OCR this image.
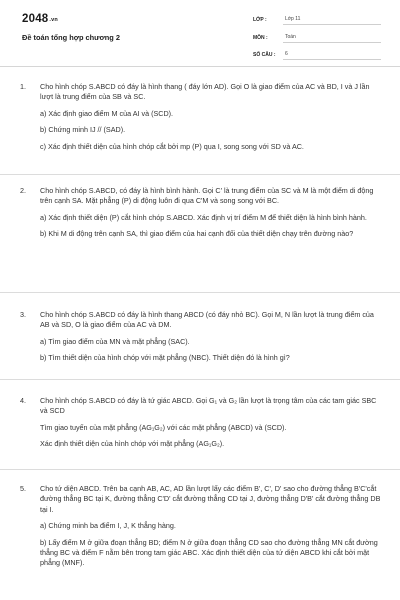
2048.vn
Đề toán tổng hợp chương 2
LỚP :	Lớp 11
MÔN :	Toán
SỐ CÂU :	6
1. Cho hình chóp S.ABCD có đáy là hình thang ( đáy lớn AD). Gọi O là giao điểm của AC và BD, I và J lần lượt là trung điểm của SB và SC.

a) Xác định giao điểm M của AI và (SCD).

b) Chứng minh IJ // (SAD).

c) Xác định thiết diện của hình chóp cắt bởi mp (P) qua I, song song với SD và AC.

2. Cho hình chóp S.ABCD, có đáy là hình bình hành. Gọi C' là trung điểm của SC và M là một điểm di động trên cạnh SA. Mặt phẳng (P) di động luôn đi qua C'M và song song với BC.

a) Xác định thiết diện (P) cắt hình chóp S.ABCD. Xác định vị trí điểm M để thiết diện là hình bình hành.

b) Khi M di động trên cạnh SA, thì giao điểm của hai cạnh đối của thiết diện chạy trên đường nào?

3. Cho hình chóp S.ABCD có đáy là hình thang ABCD (có đáy nhỏ BC). Gọi M, N lần lượt là trung điểm của AB và SD, O là giao điểm của AC và DM.

a) Tìm giao điểm của MN và mặt phẳng (SAC).

b) Tìm thiết diện của hình chóp với mặt phẳng (NBC). Thiết diện đó là hình gì?

4. Cho hình chóp S.ABCD có đáy là tứ giác ABCD. Gọi G₁ và G₂ lần lượt là trọng tâm của các tam giác SBC và SCD

Tìm giao tuyến của mặt phẳng (AG₁G₂) với các mặt phẳng (ABCD) và (SCD).

Xác định thiết diện của hình chóp với mặt phẳng (AG₁G₂).

5. Cho tứ diện ABCD. Trên ba cạnh AB, AC, AD lần lượt lấy các điểm B', C', D' sao cho đường thẳng B'C'cắt đường thẳng BC tại K, đường thẳng C'D' cắt đường thẳng CD tại J, đường thẳng D'B' cắt đường thẳng DB tại I.

a) Chứng minh ba điểm I, J, K thẳng hàng.

b) Lấy điểm M ở giữa đoạn thẳng BD; điểm N ở giữa đoạn thẳng CD sao cho đường thẳng MN cắt đường thẳng BC và điểm F nằm bên trong tam giác ABC. Xác định thiết diện của tứ diện ABCD khi cắt bởi mặt phẳng (MNF).
